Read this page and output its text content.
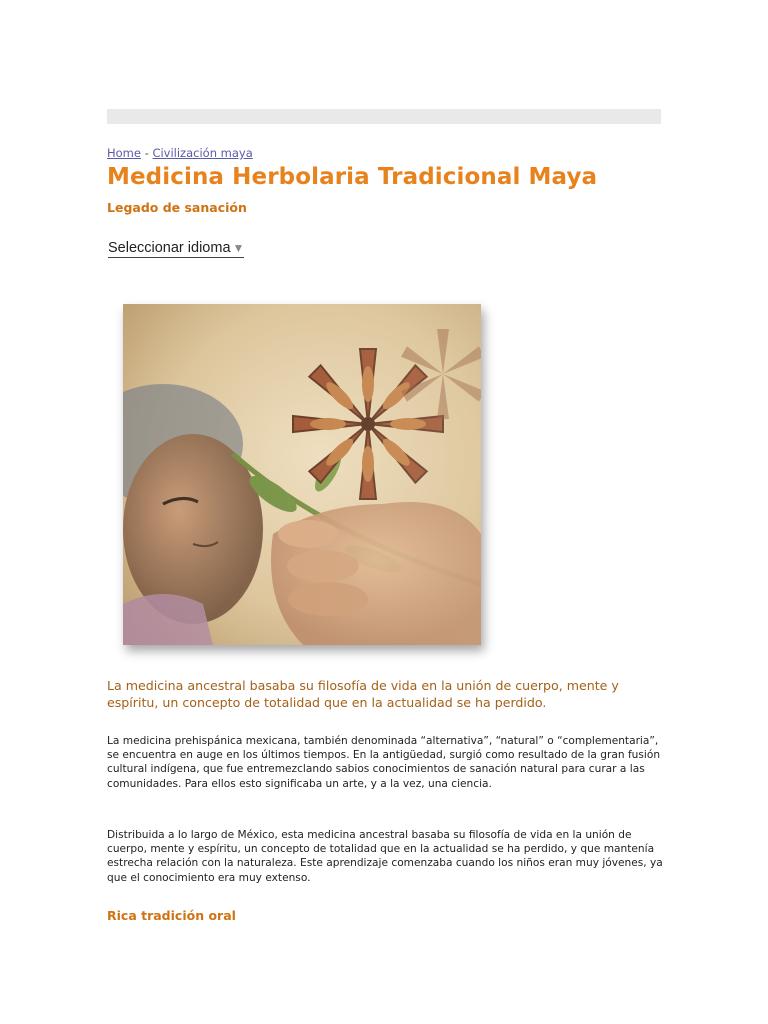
Home - Civilización maya
Medicina Herbolaria Tradicional Maya
Legado de sanación
Seleccionar idioma ▼

La medicina ancestral basaba su filosofía de vida en la unión de cuerpo, mente y espíritu, un concepto de totalidad que en la actualidad se ha perdido.

La medicina prehispánica mexicana, también denominada “alternativa”, “natural” o “complementaria”, se encuentra en auge en los últimos tiempos. En la antigüedad, surgió como resultado de la gran fusión cultural indígena, que fue entremezclando sabios conocimientos de sanación natural para curar a las comunidades. Para ellos esto significaba un arte, y a la vez, una ciencia.

Distribuida a lo largo de México, esta medicina ancestral basaba su filosofía de vida en la unión de cuerpo, mente y espíritu, un concepto de totalidad que en la actualidad se ha perdido, y que mantenía estrecha relación con la naturaleza. Este aprendizaje comenzaba cuando los niños eran muy jóvenes, ya que el conocimiento era muy extenso.

Rica tradición oral
